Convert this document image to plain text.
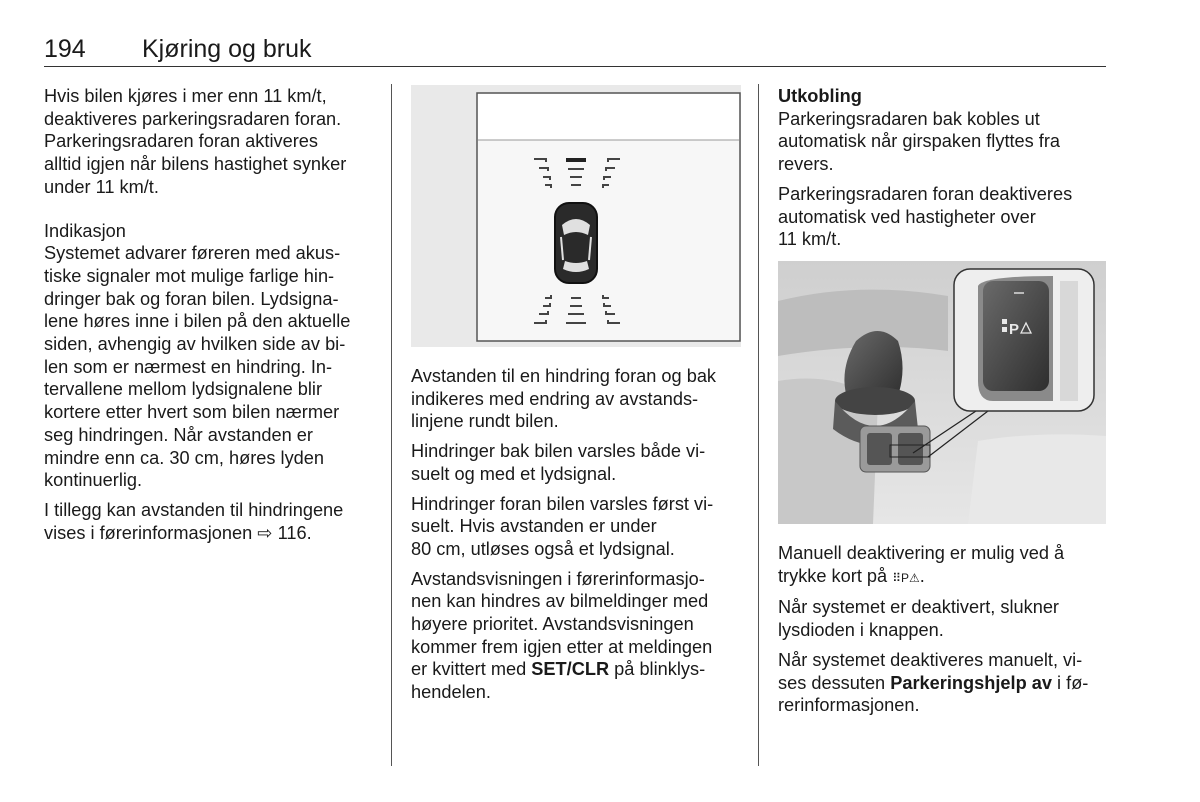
194 Kjøring og bruk

Hvis bilen kjøres i mer enn 11 km/t,
deaktiveres parkeringsradaren foran.
Parkeringsradaren foran aktiveres
alltid igjen når bilens hastighet synker
under 11 km/t.

Indikasjon

Systemet advarer føreren med akus-
tiske signaler mot mulige farlige hin-
dringer bak og foran bilen. Lydsigna-
lene høres inne i bilen på den aktuelle
siden, avhengig av hvilken side av bi-
len som er nærmest en hindring. In-
tervallene mellom lydsignalene blir
kortere etter hvert som bilen nærmer
seg hindringen. Når avstanden er
mindre enn ca. 30 cm, høres lyden
kontinuerlig.

I tillegg kan avstanden til hindringene
vises i førerinformasjonen ⇨ 116.

Avstanden til en hindring foran og bak
indikeres med endring av avstands-
linjene rundt bilen.

Hindringer bak bilen varsles både vi-
suelt og med et lydsignal.

Hindringer foran bilen varsles først vi-
suelt. Hvis avstanden er under
80 cm, utløses også et lydsignal.

Avstandsvisningen i førerinformasjo-
nen kan hindres av bilmeldinger med
høyere prioritet. Avstandsvisningen
kommer frem igjen etter at meldingen
er kvittert med SET/CLR på blinklys-
hendelen.

Utkobling

Parkeringsradaren bak kobles ut
automatisk når girspaken flyttes fra
revers.

Parkeringsradaren foran deaktiveres
automatisk ved hastigheter over
11 km/t.

P

Manuell deaktivering er mulig ved å
trykke kort på ⠿P⚠.

Når systemet er deaktivert, slukner
lysdioden i knappen.

Når systemet deaktiveres manuelt, vi-
ses dessuten Parkeringshjelp av i fø-
rerinformasjonen.
